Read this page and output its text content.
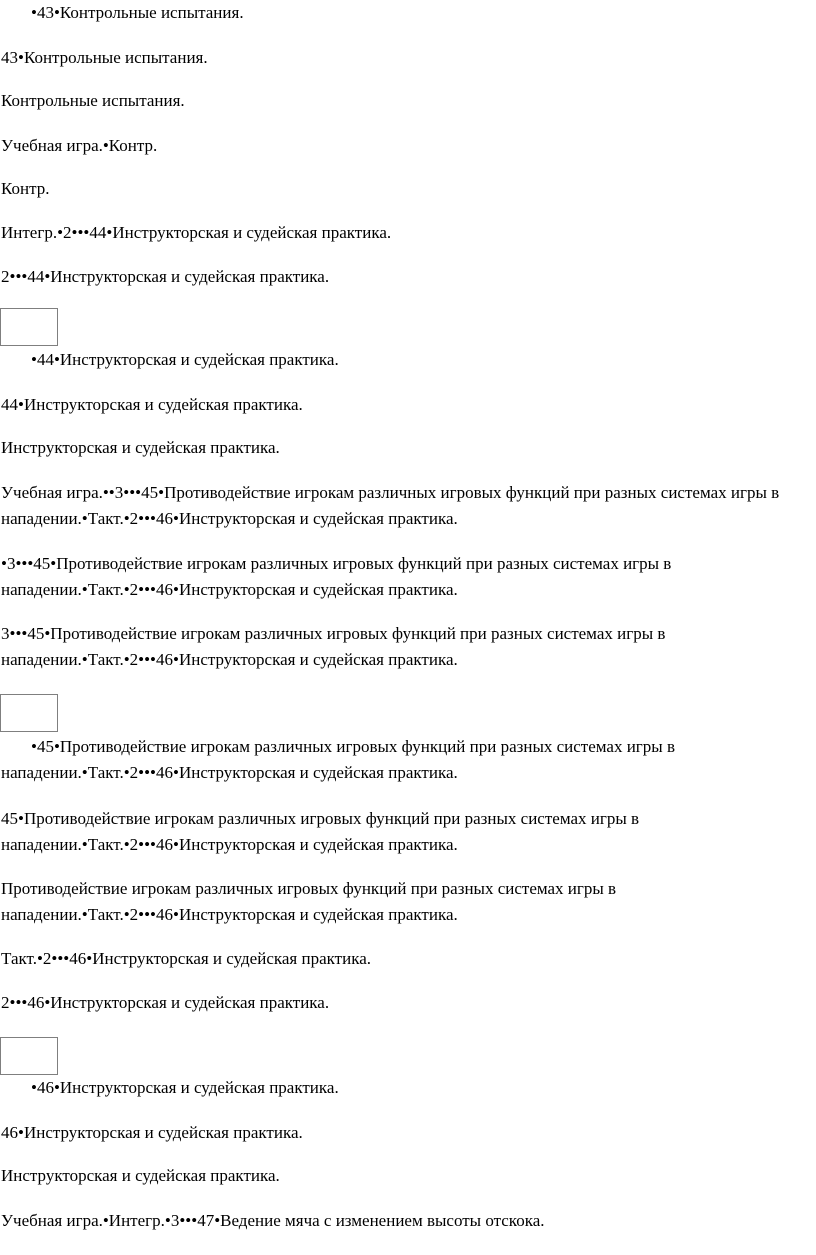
•43•Контрольные испытания.

43•Контрольные испытания.

Контрольные испытания.

Учебная игра.•Контр.

Контр.

Интегр.•2•••44•Инструкторская и судейская практика.

2•••44•Инструкторская и судейская практика.

•44•Инструкторская и судейская практика.

44•Инструкторская и судейская практика.

Инструкторская и судейская практика.

Учебная игра.••3•••45•Противодействие игрокам различных игровых функций при разных системах игры в нападении.•Такт.•2•••46•Инструкторская и судейская практика.

•3•••45•Противодействие игрокам различных игровых функций при разных системах игры в нападении.•Такт.•2•••46•Инструкторская и судейская практика.

3•••45•Противодействие игрокам различных игровых функций при разных системах игры в нападении.•Такт.•2•••46•Инструкторская и судейская практика.

•45•Противодействие игрокам различных игровых функций при разных системах игры в нападении.•Такт.•2•••46•Инструкторская и судейская практика.

45•Противодействие игрокам различных игровых функций при разных системах игры в нападении.•Такт.•2•••46•Инструкторская и судейская практика.

Противодействие игрокам различных игровых функций при разных системах игры в нападении.•Такт.•2•••46•Инструкторская и судейская практика.

Такт.•2•••46•Инструкторская и судейская практика.

2•••46•Инструкторская и судейская практика.

•46•Инструкторская и судейская практика.

46•Инструкторская и судейская практика.

Инструкторская и судейская практика.

Учебная игра.•Интегр.•3•••47•Ведение мяча с изменением высоты отскока.
